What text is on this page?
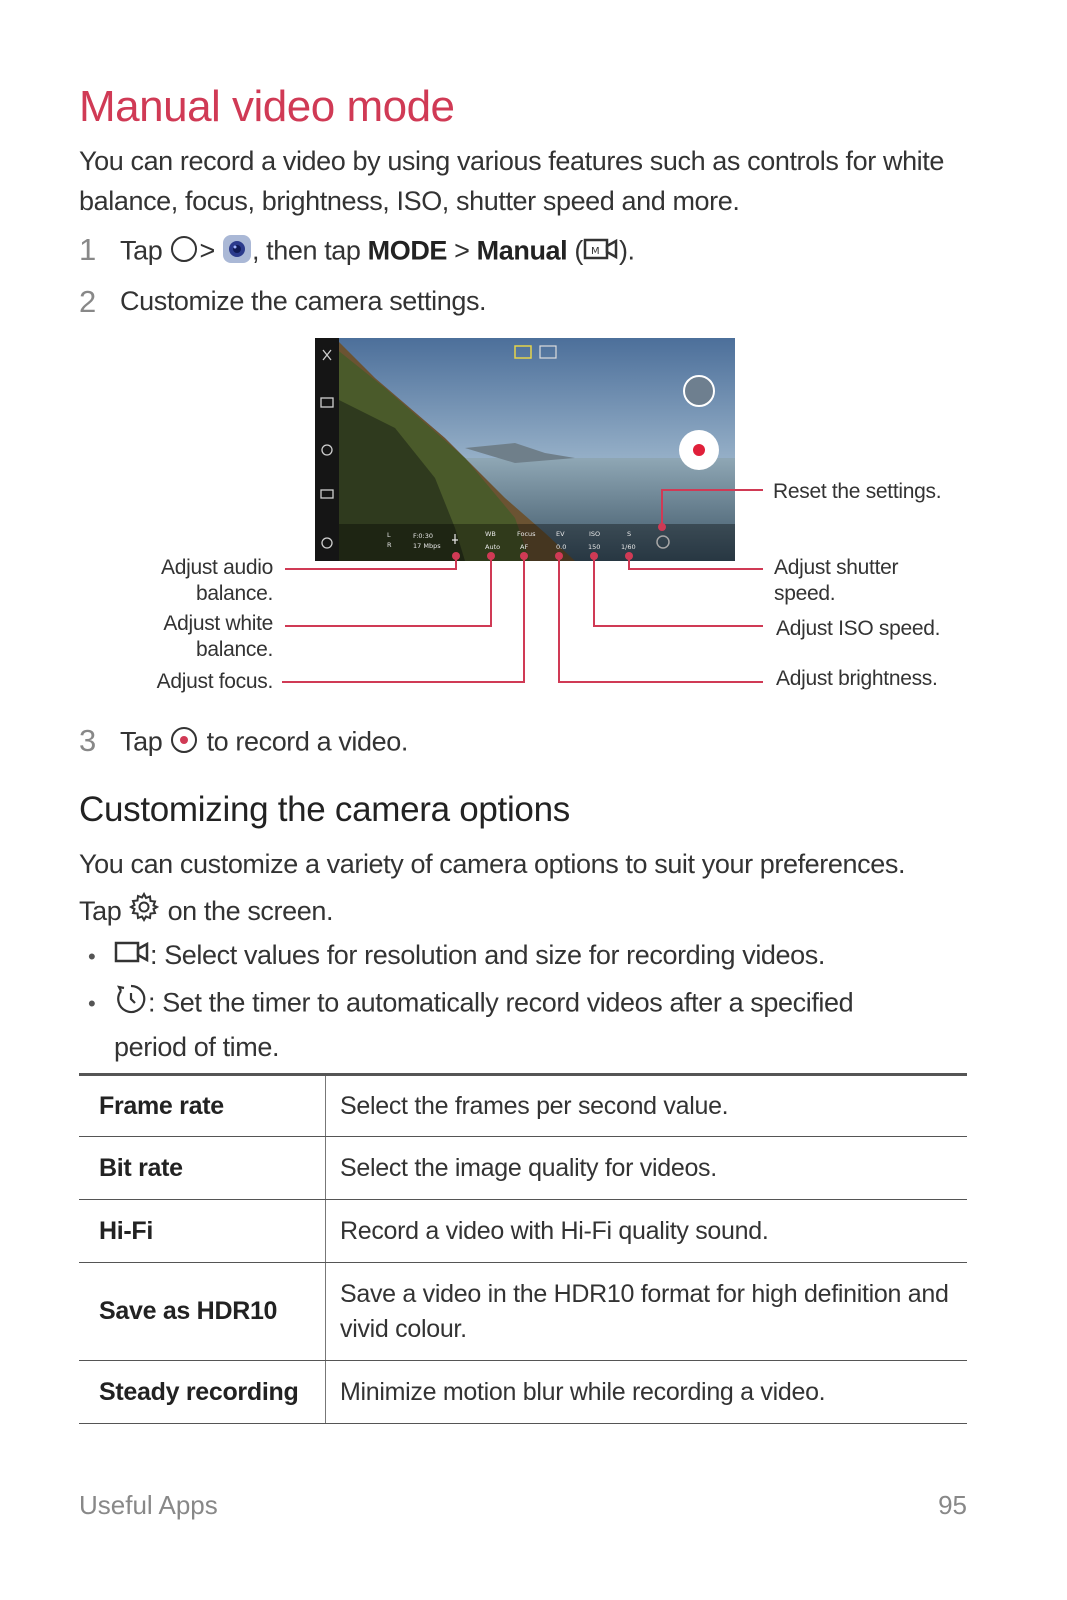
Manual video mode
You can record a video by using various features such as controls for white
balance, focus, brightness, ISO, shutter speed and more.
1 Tap > , then tap MODE > Manual ( M ).
2 Customize the camera settings.
L
R
F:0:30
17 Mbps
WB	Focus	EV	ISO	S
Auto	AF	0.0	150	1/60
Adjust audio
balance.
Adjust white
balance.
Adjust focus.
Reset the settings.
Adjust shutter
speed.
Adjust ISO speed.
Adjust brightness.
3 Tap to record a video.
Customizing the camera options
You can customize a variety of camera options to suit your preferences.
Tap on the screen.
•	: Select values for resolution and size for recording videos.
•	: Set the timer to automatically record videos after a specified
period of time.
Frame rate	Select the frames per second value.
Bit rate	Select the image quality for videos.
Hi-Fi	Record a video with Hi-Fi quality sound.
Save as HDR10	Save a video in the HDR10 format for high definition and
vivid colour.

Steady recording	Minimize motion blur while recording a video.
Useful Apps	95
